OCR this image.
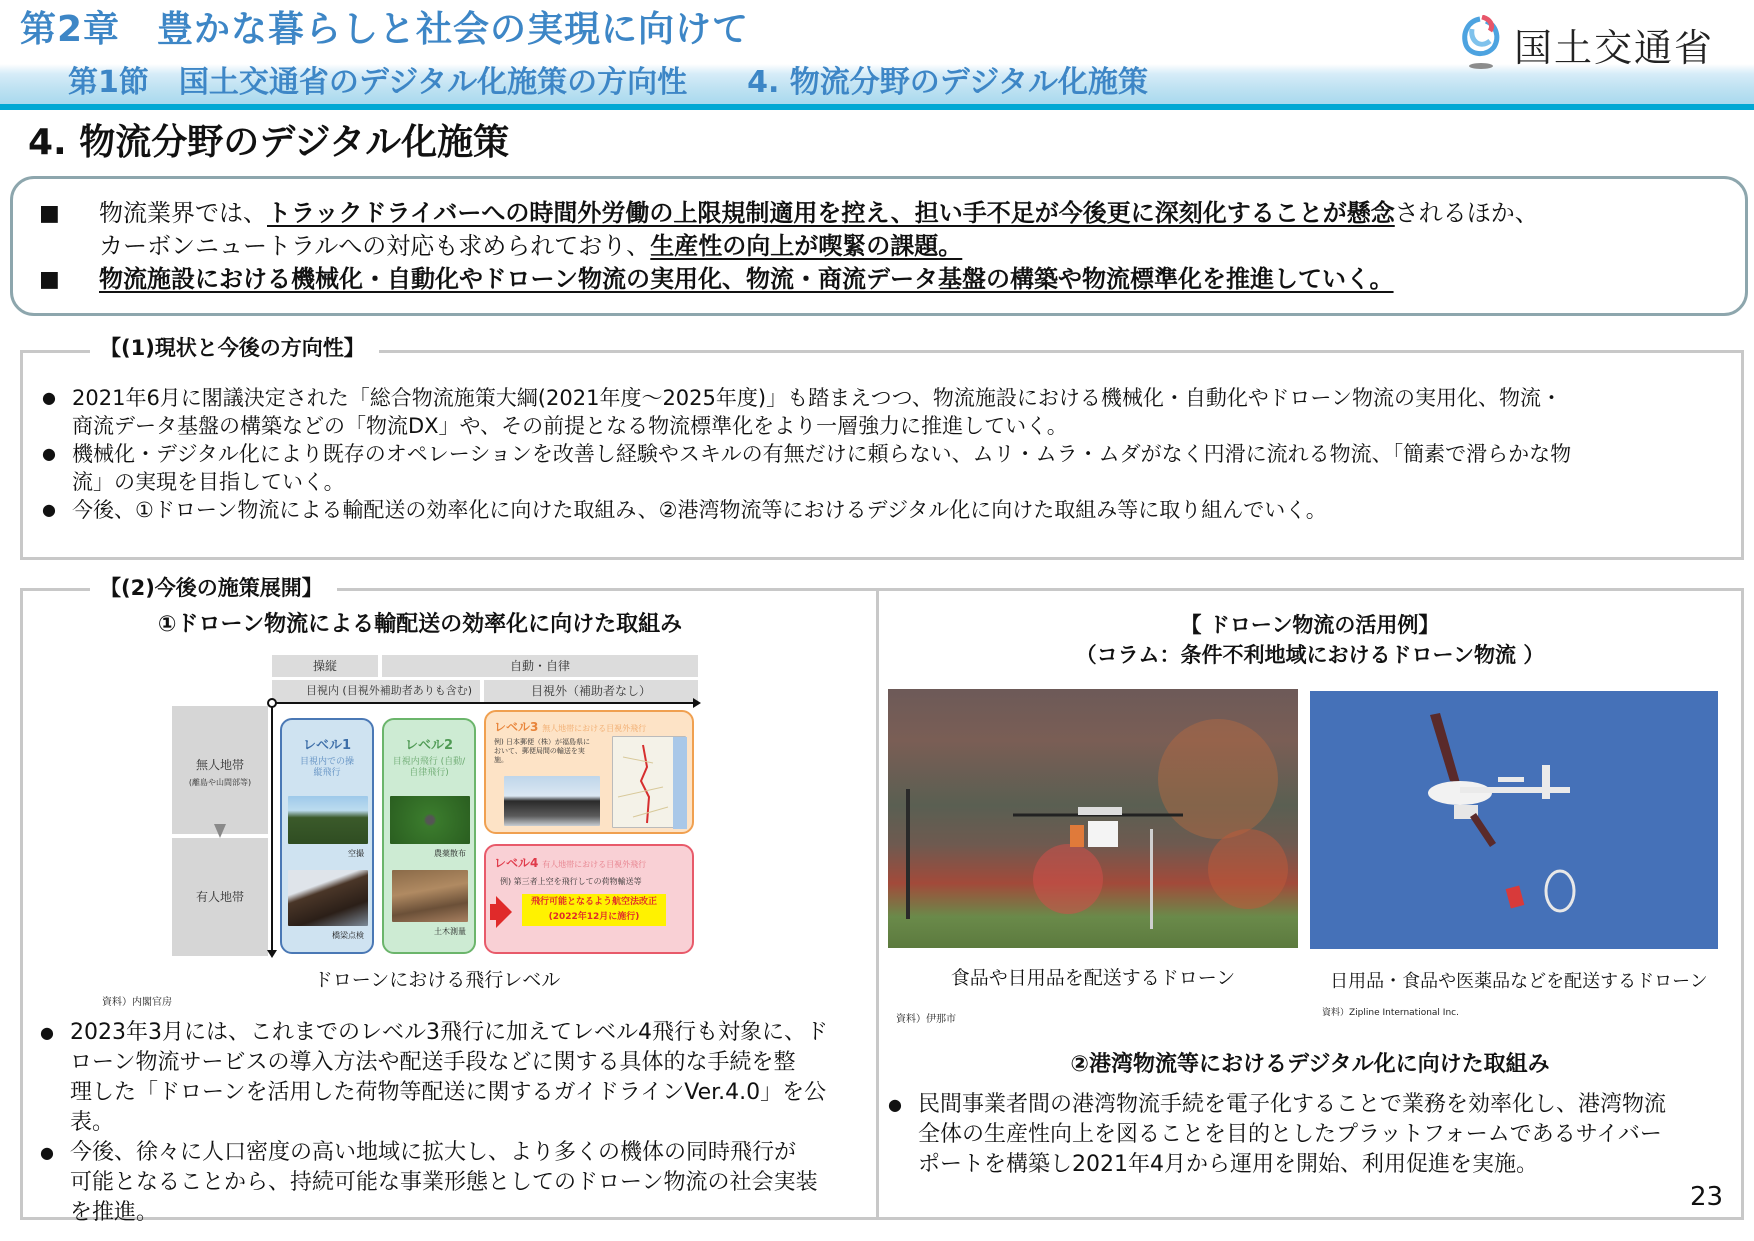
第2章　豊かな暮らしと社会の実現に向けて
第1節　国土交通省のデジタル化施策の方向性　　4. 物流分野のデジタル化施策
国土交通省
4. 物流分野のデジタル化施策
■	物流業界では、トラックドライバーへの時間外労働の上限規制適用を控え、担い手不足が今後更に深刻化することが懸念されるほか、
カーボンニュートラルへの対応も求められており、 生産性の向上が喫緊の課題。
■	物流施設における機械化・自動化やドローン物流の実用化、物流・商流データ基盤の構築や物流標準化を推進していく。
【(1)現状と今後の方向性】
● 2021年6月に閣議決定された「総合物流施策大綱(2021年度～2025年度)」も踏まえつつ、物流施設における機械化・自動化やドローン物流の実用化、物流・
商流データ基盤の構築などの「物流DX」や、その前提となる物流標準化をより一層強力に推進していく。
● 機械化・デジタル化により既存のオペレーションを改善し経験やスキルの有無だけに頼らない、ムリ・ムラ・ムダがなく円滑に流れる物流、「簡素で滑らかな物
流」の実現を目指していく。
● 今後、①ドローン物流による輸配送の効率化に向けた取組み、②港湾物流等におけるデジタル化に向けた取組み等に取り組んでいく。
【(2)今後の施策展開】
①ドローン物流による輸配送の効率化に向けた取組み
操縦	自動・自律
目視内 (目視外補助者ありも含む)	目視外（補助者なし）
無人地帯
(離島や山間部等)
有人地帯
レベル1
目視内での操縦飛行
空撮
橋梁点検
レベル2
目視内飛行 (自動/自律飛行)
農薬散布
土木測量
レベル3 無人地帯における目視外飛行
例) 日本郵便（株）が福島県において、郵便局間の輸送を実施。
レベル4 有人地帯における目視外飛行
例) 第三者上空を飛行しての荷物輸送等
飛行可能となるよう航空法改正
(2022年12月に施行)
ドローンにおける飛行レベル
資料）内閣官房
● 2023年3月には、これまでのレベル3飛行に加えてレベル4飛行も対象に、ド
ローン物流サービスの導入方法や配送手段などに関する具体的な手続を整
理した「ドローンを活用した荷物等配送に関するガイドラインVer.4.0」を公表。
● 今後、徐々に人口密度の高い地域に拡大し、より多くの機体の同時飛行が
可能となることから、持続可能な事業形態としてのドローン物流の社会実装
を推進。
【 ドローン物流の活用例】
（コラム：条件不利地域におけるドローン物流 ）
食品や日用品を配送するドローン
資料）伊那市
日用品・食品や医薬品などを配送するドローン
資料）Zipline International Inc.
②港湾物流等におけるデジタル化に向けた取組み
● 民間事業者間の港湾物流手続を電子化することで業務を効率化し、港湾物流
全体の生産性向上を図ることを目的としたプラットフォームであるサイバー
ポートを構築し2021年4月から運用を開始、利用促進を実施。
23
